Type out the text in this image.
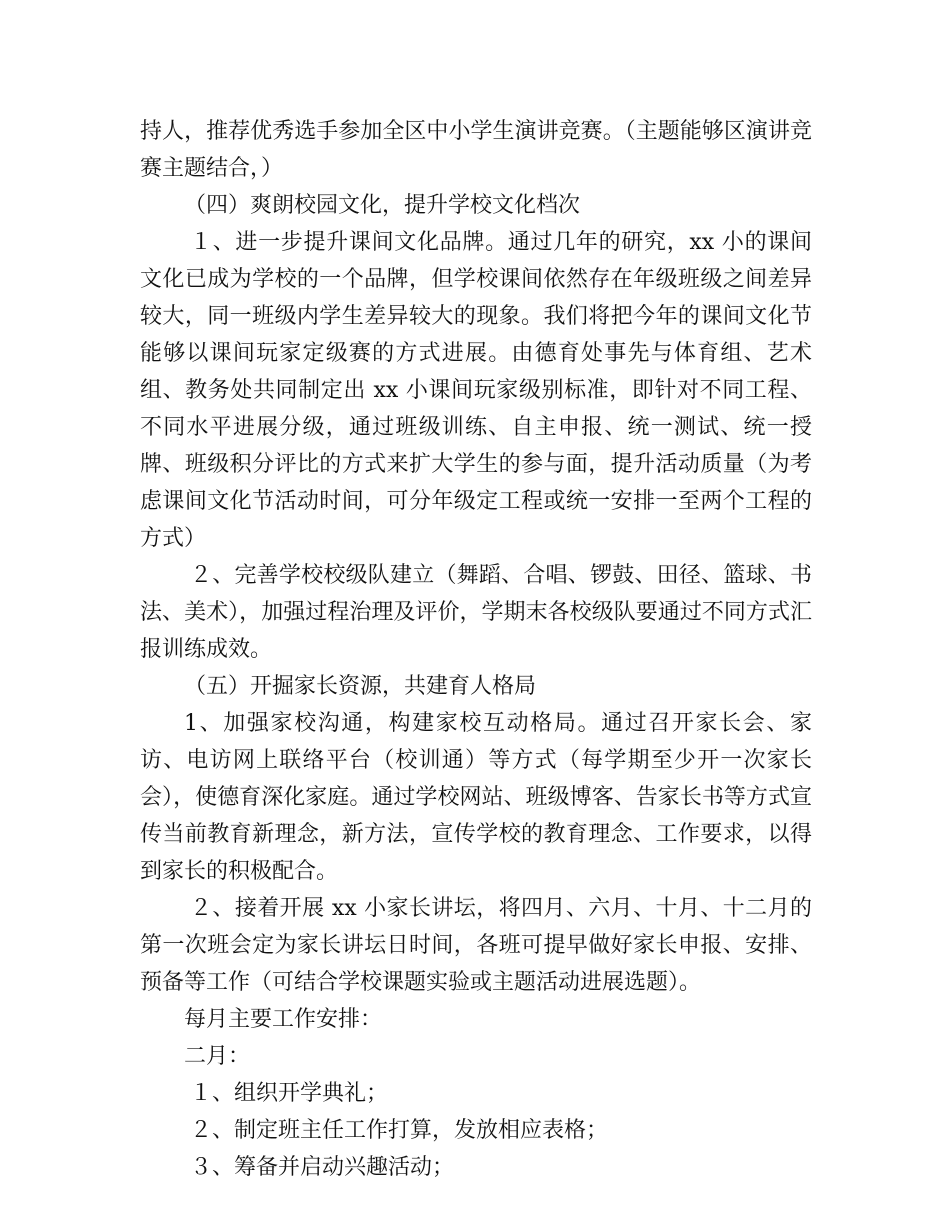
持人，推荐优秀选手参加全区中小学生演讲竞赛。（主题能够区演讲竞赛主题结合，）

（四）爽朗校园文化，提升学校文化档次

１、进一步提升课间文化品牌。通过几年的研究，xx 小的课间文化已成为学校的一个品牌，但学校课间依然存在年级班级之间差异较大，同一班级内学生差异较大的现象。我们将把今年的课间文化节能够以课间玩家定级赛的方式进展。由德育处事先与体育组、艺术组、教务处共同制定出 xx 小课间玩家级别标准，即针对不同工程、不同水平进展分级，通过班级训练、自主申报、统一测试、统一授牌、班级积分评比的方式来扩大学生的参与面，提升活动质量（为考虑课间文化节活动时间，可分年级定工程或统一安排一至两个工程的方式）

２、完善学校校级队建立（舞蹈、合唱、锣鼓、田径、篮球、书法、美术），加强过程治理及评价，学期末各校级队要通过不同方式汇报训练成效。

（五）开掘家长资源，共建育人格局

1、加强家校沟通，构建家校互动格局。通过召开家长会、家访、电访网上联络平台（校训通）等方式（每学期至少开一次家长会），使德育深化家庭。通过学校网站、班级博客、告家长书等方式宣传当前教育新理念，新方法，宣传学校的教育理念、工作要求，以得到家长的积极配合。

２、接着开展 xx 小家长讲坛，将四月、六月、十月、十二月的第一次班会定为家长讲坛日时间，各班可提早做好家长申报、安排、预备等工作（可结合学校课题实验或主题活动进展选题）。

每月主要工作安排：

二月：

１、组织开学典礼；

２、制定班主任工作打算，发放相应表格；

３、筹备并启动兴趣活动；
